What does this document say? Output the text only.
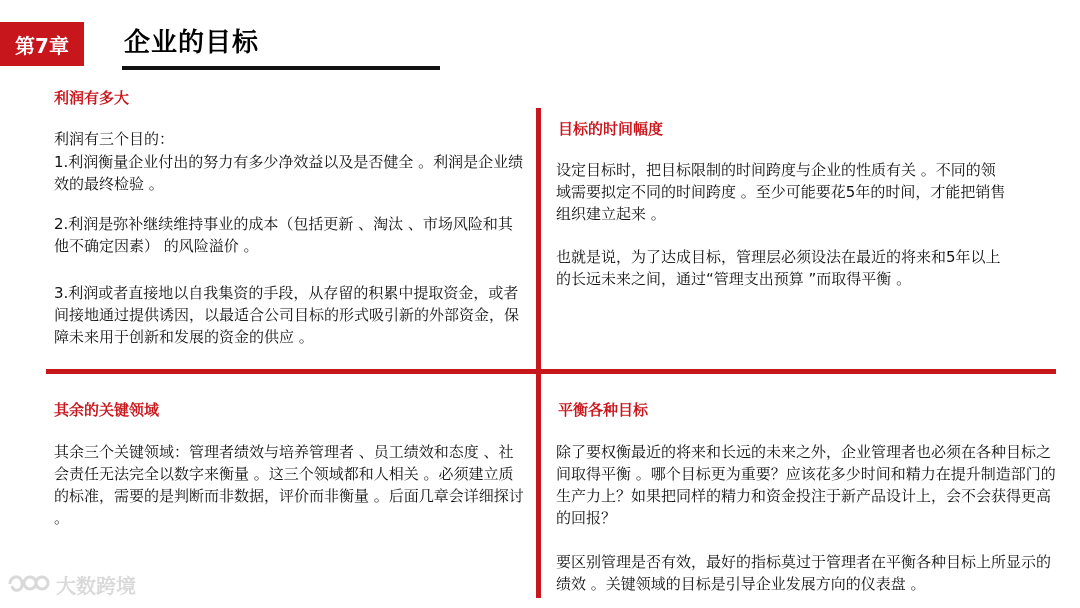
第7章	企业的目标
利润有多大

利润有三个目的：

1.利润衡量企业付出的努力有多少净效益以及是否健全 。利润是企业绩效的最终检验 。

2.利润是弥补继续维持事业的成本（包括更新 、淘汰 、市场风险和其他不确定因素） 的风险溢价 。

3.利润或者直接地以自我集资的手段，从存留的积累中提取资金，或者间接地通过提供诱因，以最适合公司目标的形式吸引新的外部资金，保障未来用于创新和发展的资金的供应 。

目标的时间幅度

设定目标时，把目标限制的时间跨度与企业的性质有关 。不同的领域需要拟定不同的时间跨度 。至少可能要花5年的时间，才能把销售组织建立起来 。

也就是说，为了达成目标，管理层必须设法在最近的将来和5年以上的长远未来之间，通过“管理支出预算 ”而取得平衡 。

其余的关键领域

其余三个关键领域：管理者绩效与培养管理者 、员工绩效和态度 、社会责任无法完全以数字来衡量 。这三个领域都和人相关 。必须建立质的标准，需要的是判断而非数据，评价而非衡量 。后面几章会详细探讨 。

平衡各种目标

除了要权衡最近的将来和长远的未来之外，企业管理者也必须在各种目标之间取得平衡 。哪个目标更为重要？应该花多少时间和精力在提升制造部门的生产力上？如果把同样的精力和资金投注于新产品设计上，会不会获得更高的回报？

要区别管理是否有效，最好的指标莫过于管理者在平衡各种目标上所显示的绩效 。关键领域的目标是引导企业发展方向的仪表盘 。

大数跨境
